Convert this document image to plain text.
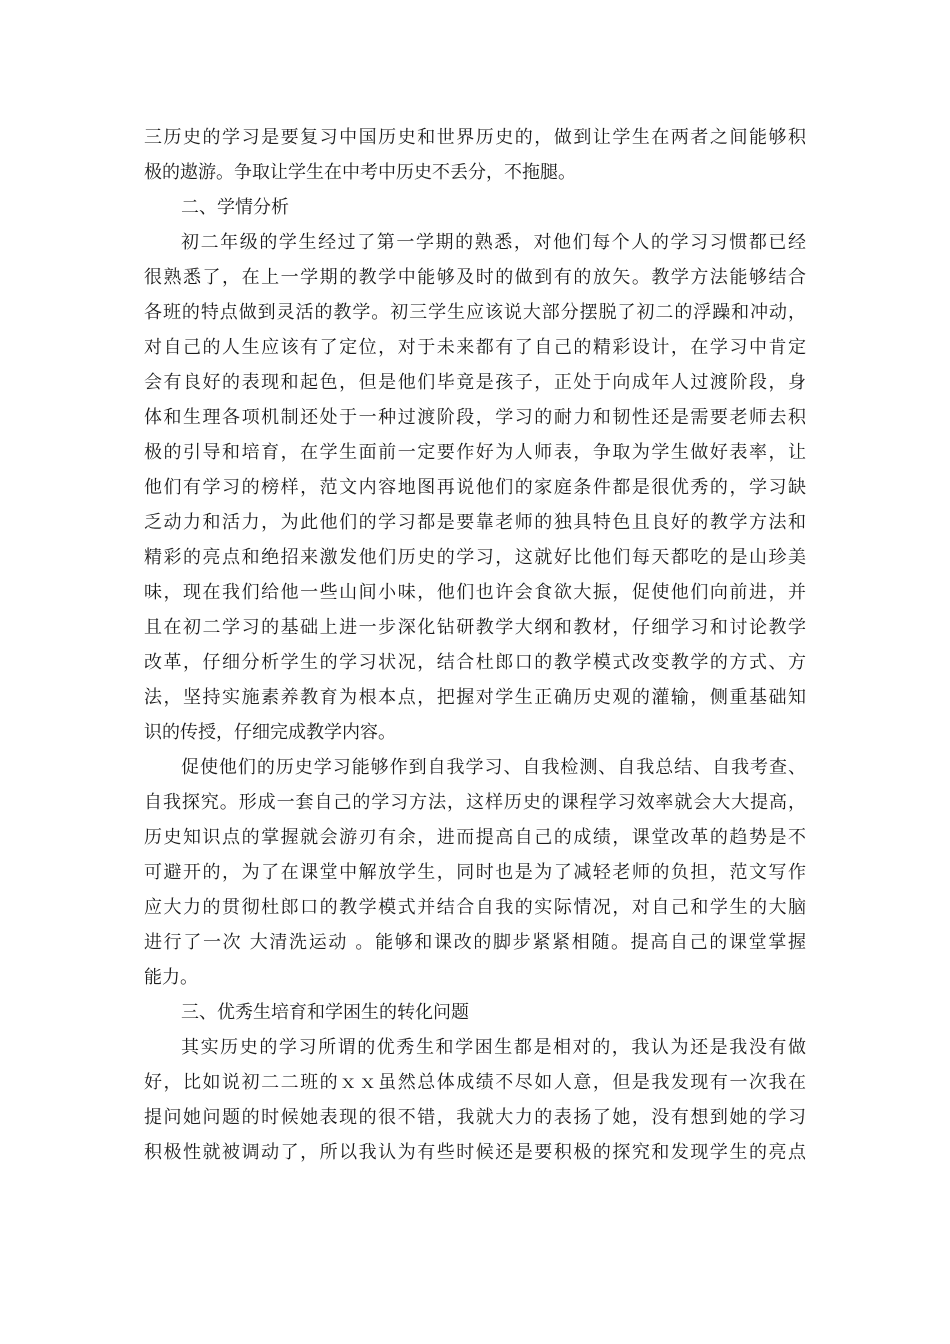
三历史的学习是要复习中国历史和世界历史的，做到让学生在两者之间能够积
极的遨游。争取让学生在中考中历史不丢分，不拖腿。
二、学情分析
初二年级的学生经过了第一学期的熟悉，对他们每个人的学习习惯都已经
很熟悉了，在上一学期的教学中能够及时的做到有的放矢。教学方法能够结合
各班的特点做到灵活的教学。初三学生应该说大部分摆脱了初二的浮躁和冲动，
对自己的人生应该有了定位，对于未来都有了自己的精彩设计，在学习中肯定
会有良好的表现和起色，但是他们毕竟是孩子，正处于向成年人过渡阶段，身
体和生理各项机制还处于一种过渡阶段，学习的耐力和韧性还是需要老师去积
极的引导和培育，在学生面前一定要作好为人师表，争取为学生做好表率，让
他们有学习的榜样，范文内容地图再说他们的家庭条件都是很优秀的，学习缺
乏动力和活力，为此他们的学习都是要靠老师的独具特色且良好的教学方法和
精彩的亮点和绝招来激发他们历史的学习，这就好比他们每天都吃的是山珍美
味，现在我们给他一些山间小味，他们也许会食欲大振，促使他们向前进，并
且在初二学习的基础上进一步深化钻研教学大纲和教材，仔细学习和讨论教学
改革，仔细分析学生的学习状况，结合杜郎口的教学模式改变教学的方式、方
法，坚持实施素养教育为根本点，把握对学生正确历史观的灌输，侧重基础知
识的传授，仔细完成教学内容。
促使他们的历史学习能够作到自我学习、自我检测、自我总结、自我考查、
自我探究。形成一套自己的学习方法，这样历史的课程学习效率就会大大提高，
历史知识点的掌握就会游刃有余，进而提高自己的成绩，课堂改革的趋势是不
可避开的，为了在课堂中解放学生，同时也是为了减轻老师的负担，范文写作
应大力的贯彻杜郎口的教学模式并结合自我的实际情况，对自己和学生的大脑
进行了一次 大清洗运动 。能够和课改的脚步紧紧相随。提高自己的课堂掌握
能力。
三、优秀生培育和学困生的转化问题
其实历史的学习所谓的优秀生和学困生都是相对的，我认为还是我没有做
好，比如说初二二班的ｘｘ虽然总体成绩不尽如人意，但是我发现有一次我在
提问她问题的时候她表现的很不错，我就大力的表扬了她，没有想到她的学习
积极性就被调动了，所以我认为有些时候还是要积极的探究和发现学生的亮点
